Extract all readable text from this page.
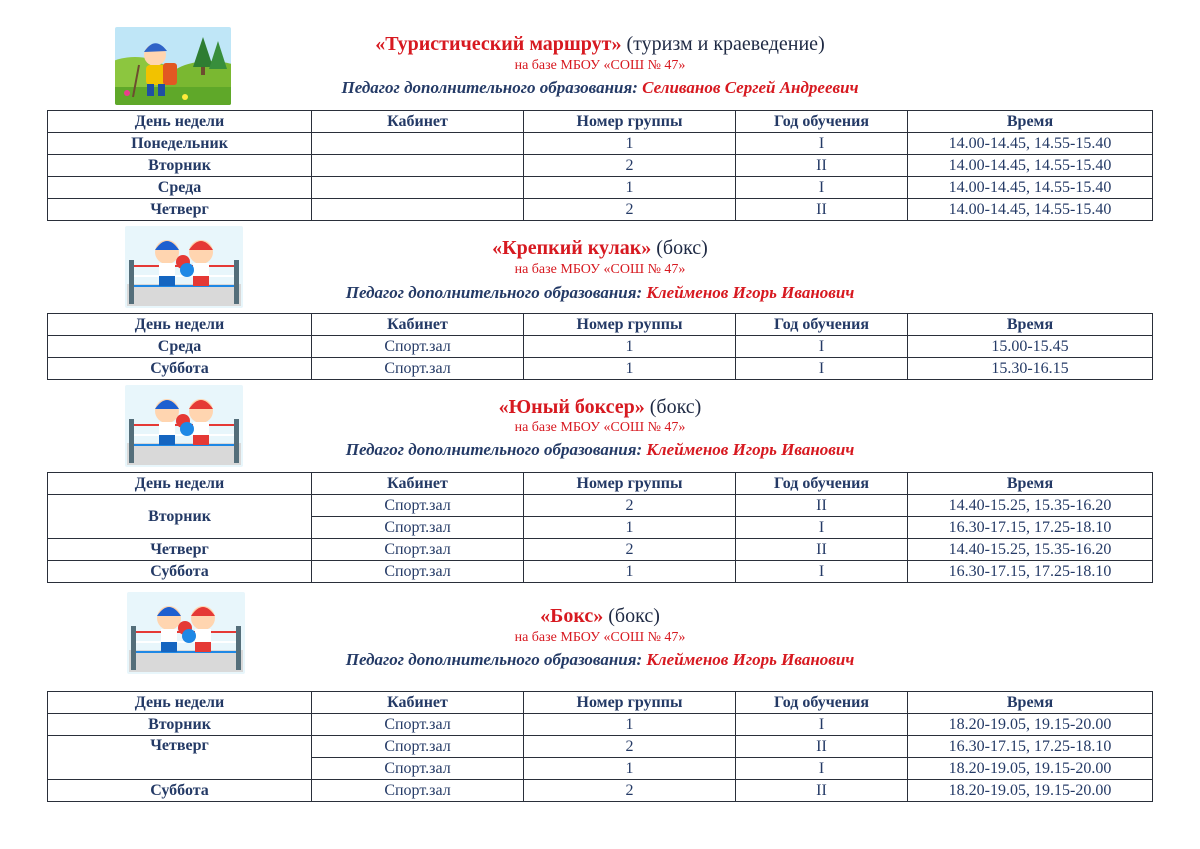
«Туристический маршрут» (туризм и краеведение)
на базе МБОУ «СОШ № 47»
Педагог дополнительного образования: Селиванов Сергей Андреевич
День недели	Кабинет	Номер группы	Год обучения	Время
Понедельник		1	I	14.00-14.45, 14.55-15.40
Вторник		2	II	14.00-14.45, 14.55-15.40
Среда		1	I	14.00-14.45, 14.55-15.40
Четверг		2	II	14.00-14.45, 14.55-15.40
«Крепкий кулак» (бокс)
на базе МБОУ «СОШ № 47»
Педагог дополнительного образования: Клейменов Игорь Иванович
День недели	Кабинет	Номер группы	Год обучения	Время
Среда	Спорт.зал	1	I	15.00-15.45
Суббота	Спорт.зал	1	I	15.30-16.15
«Юный боксер» (бокс)
на базе МБОУ «СОШ № 47»
Педагог дополнительного образования: Клейменов Игорь Иванович
День недели	Кабинет	Номер группы	Год обучения	Время
Вторник	Спорт.зал	2	II	14.40-15.25, 15.35-16.20
	Спорт.зал	1	I	16.30-17.15, 17.25-18.10
Четверг	Спорт.зал	2	II	14.40-15.25, 15.35-16.20
Суббота	Спорт.зал	1	I	16.30-17.15, 17.25-18.10
«Бокс» (бокс)
на базе МБОУ «СОШ № 47»
Педагог дополнительного образования: Клейменов Игорь Иванович
День недели	Кабинет	Номер группы	Год обучения	Время
Вторник	Спорт.зал	1	I	18.20-19.05, 19.15-20.00
Четверг	Спорт.зал	2	II	16.30-17.15, 17.25-18.10
	Спорт.зал	1	I	18.20-19.05, 19.15-20.00
Суббота	Спорт.зал	2	II	18.20-19.05, 19.15-20.00
